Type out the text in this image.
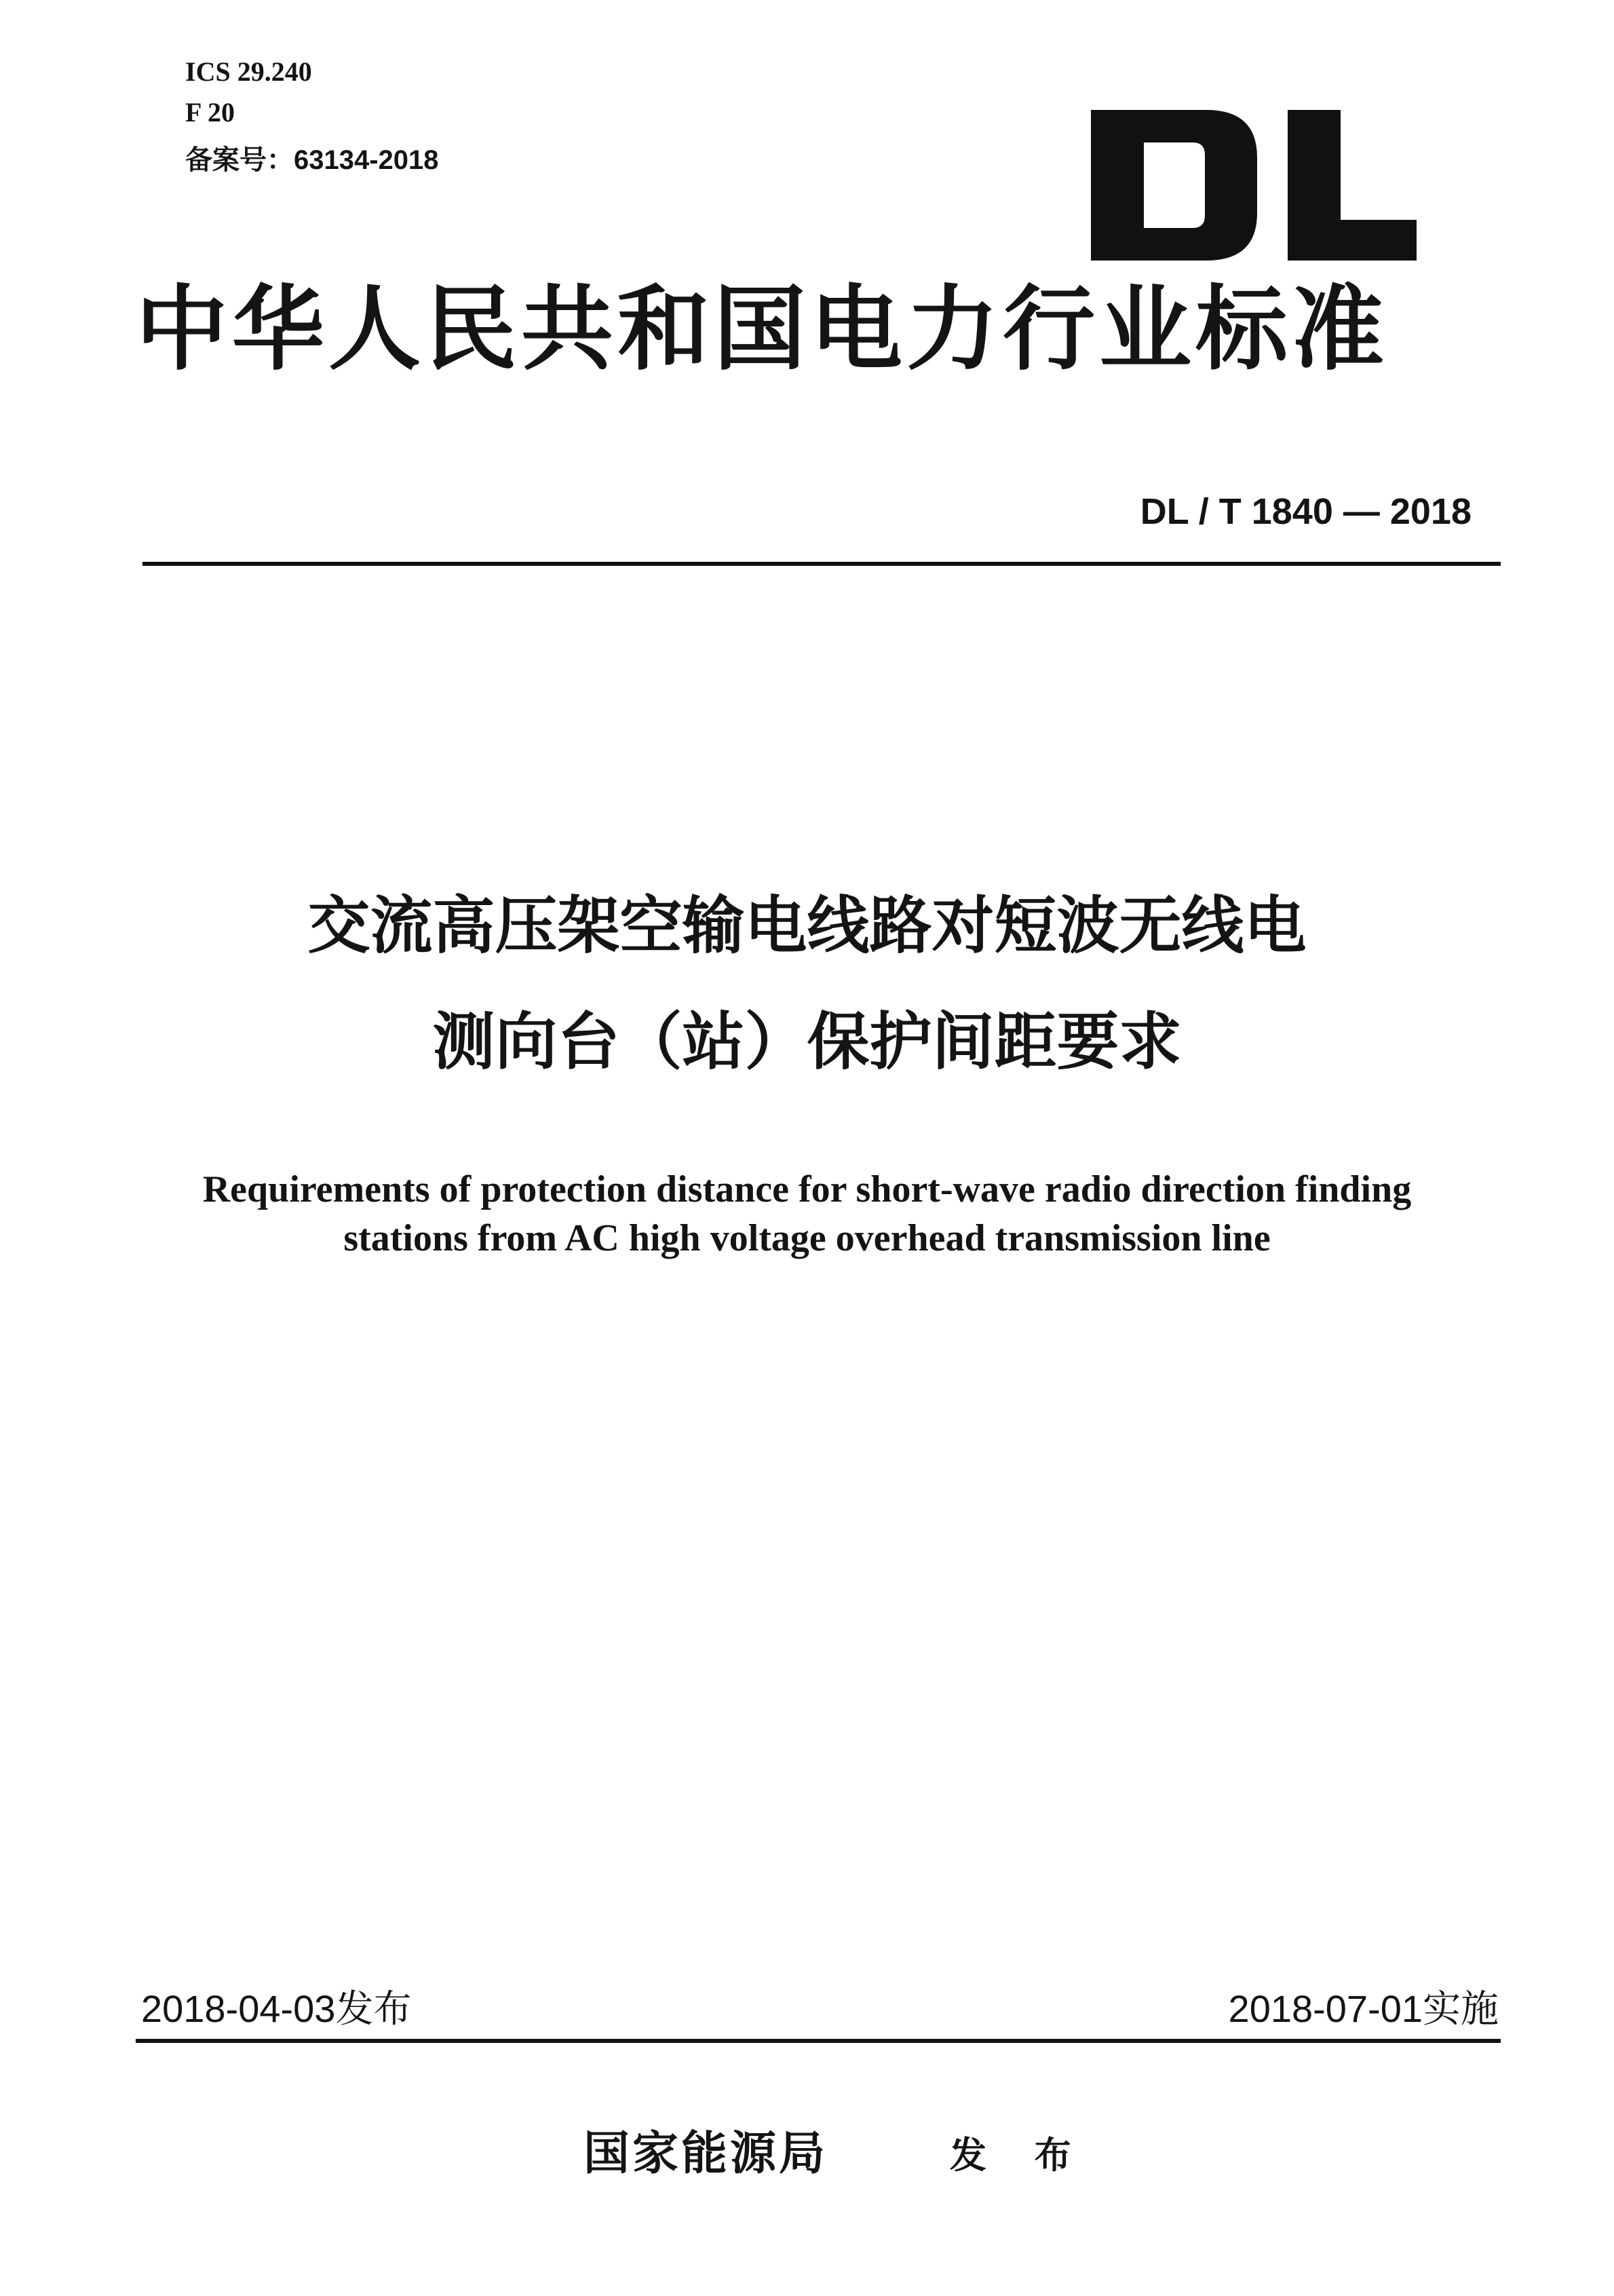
ICS 29.240
F 20
备案号：63134-2018
中华人民共和国电力行业标准
DL / T 1840 — 2018
交流高压架空输电线路对短波无线电
测向台（站）保护间距要求
Requirements of protection distance for short-wave radio direction finding
stations from AC high voltage overhead transmission line
2018-04-03发布	2018-07-01实施
国家能源局	发 布
